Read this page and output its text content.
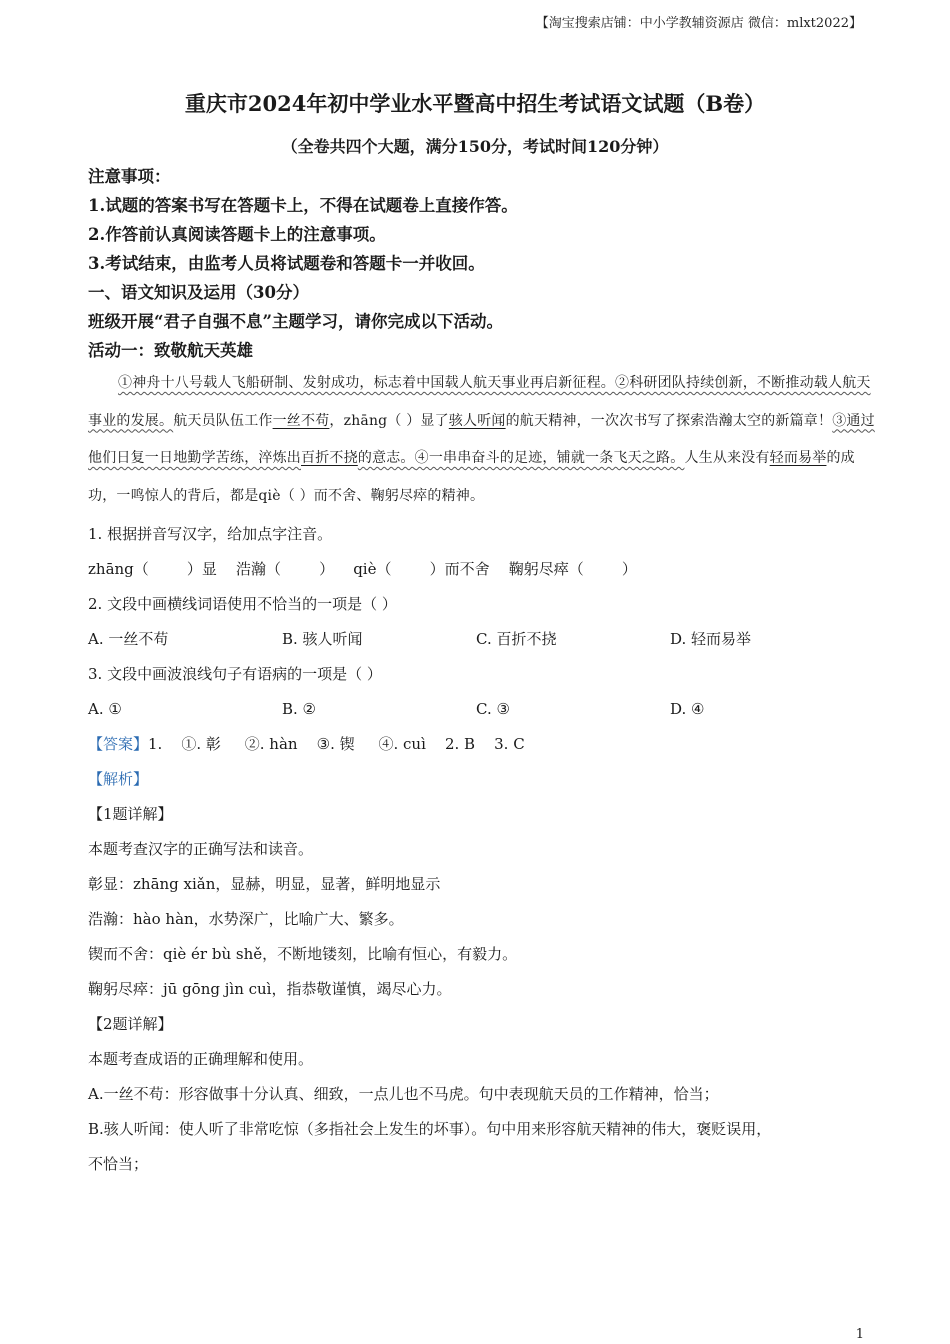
【淘宝搜索店铺：中小学教辅资源店 微信：mlxt2022】
重庆市2024年初中学业水平暨高中招生考试语文试题（B卷）
（全卷共四个大题，满分150分，考试时间120分钟）
注意事项：
1.试题的答案书写在答题卡上，不得在试题卷上直接作答。
2.作答前认真阅读答题卡上的注意事项。
3.考试结束，由监考人员将试题卷和答题卡一并收回。
一、语文知识及运用（30分）
班级开展“君子自强不息”主题学习，请你完成以下活动。
活动一：致敬航天英雄
①神舟十八号载人飞船研制、发射成功，标志着中国载人航天事业再启新征程。②科研团队持续创新，不断推动载人航天事业的发展。航天员队伍工作一丝不苟，zhāng（ ）显了骇人听闻的航天精神，一次次书写了探索浩瀚太空的新篇章！③通过他们日复一日地勤学苦练，淬炼出百折不挠的意志。④一串串奋斗的足迹，铺就一条飞天之路。人生从来没有轻而易举的成功，一鸣惊人的背后，都是qiè（ ）而不舍、鞠躬尽瘁的精神。
1. 根据拼音写汉字，给加点字注音。
zhāng（        ）显    浩瀚（        ）    qiè（        ）而不舍    鞠躬尽瘁（        ）
2. 文段中画横线词语使用不恰当的一项是（ ）
A. 一丝不苟	B. 骇人听闻	C. 百折不挠	D. 轻而易举
3. 文段中画波浪线句子有语病的一项是（ ）
A. ①	B. ②	C. ③	D. ④
【答案】1.    ①. 彰     ②. hàn    ③. 锲     ④. cuì    2. B    3. C
【解析】
【1题详解】
本题考查汉字的正确写法和读音。
彰显：zhāng xiǎn，显赫，明显，显著，鲜明地显示
浩瀚：hào hàn，水势深广，比喻广大、繁多。
锲而不舍：qiè ér bù shě，不断地镂刻，比喻有恒心，有毅力。
鞠躬尽瘁：jū gōng jìn cuì，指恭敬谨慎，竭尽心力。
【2题详解】
本题考查成语的正确理解和使用。
A.一丝不苟：形容做事十分认真、细致，一点儿也不马虎。句中表现航天员的工作精神，恰当；
B.骇人听闻：使人听了非常吃惊（多指社会上发生的坏事）。句中用来形容航天精神的伟大，褒贬误用，
不恰当；
1
